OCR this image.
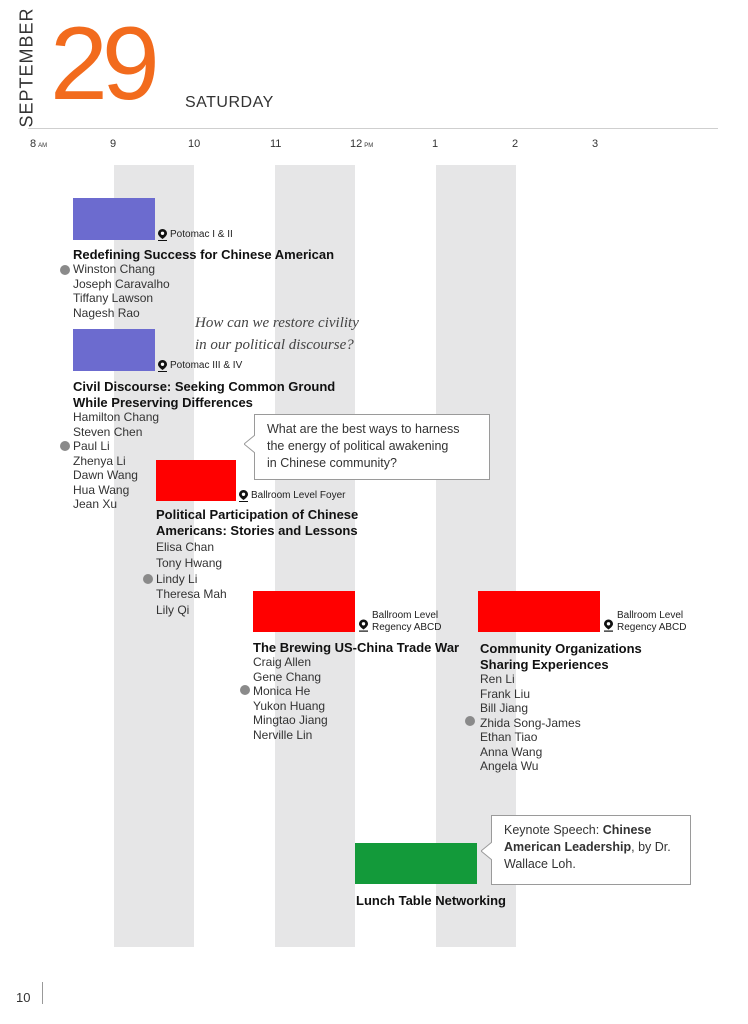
SEPTEMBER 29 SATURDAY
8 AM	9	10	11	12 PM	1	2	3
Potomac I & II
Redefining Success for Chinese American
Winston Chang
Joseph Caravalho
Tiffany Lawson
Nagesh Rao
How can we restore civility
in our political discourse?
Potomac III & IV
Civil Discourse: Seeking Common Ground
While Preserving Differences
Hamilton Chang
Steven Chen
Paul Li
Zhenya Li
Dawn Wang
Hua Wang
Jean Xu
What are the best ways to harness
the energy of political awakening
in Chinese community?
Ballroom Level Foyer
Political Participation of Chinese
Americans: Stories and Lessons
Elisa Chan
Tony Hwang
Lindy Li
Theresa Mah
Lily Qi	Ballroom Level
Regency ABCD
The Brewing US-China Trade War
Craig Allen
Gene Chang
Monica He
Yukon Huang
Mingtao Jiang
Nerville Lin
Ballroom Level
Regency ABCD
Community Organizations
Sharing Experiences
Ren Li
Frank Liu
Bill Jiang
Zhida Song-James
Ethan Tiao
Anna Wang
Angela Wu
Keynote Speech: Chinese
American Leadership, by Dr.
Wallace Loh.
Lunch Table Networking
10
